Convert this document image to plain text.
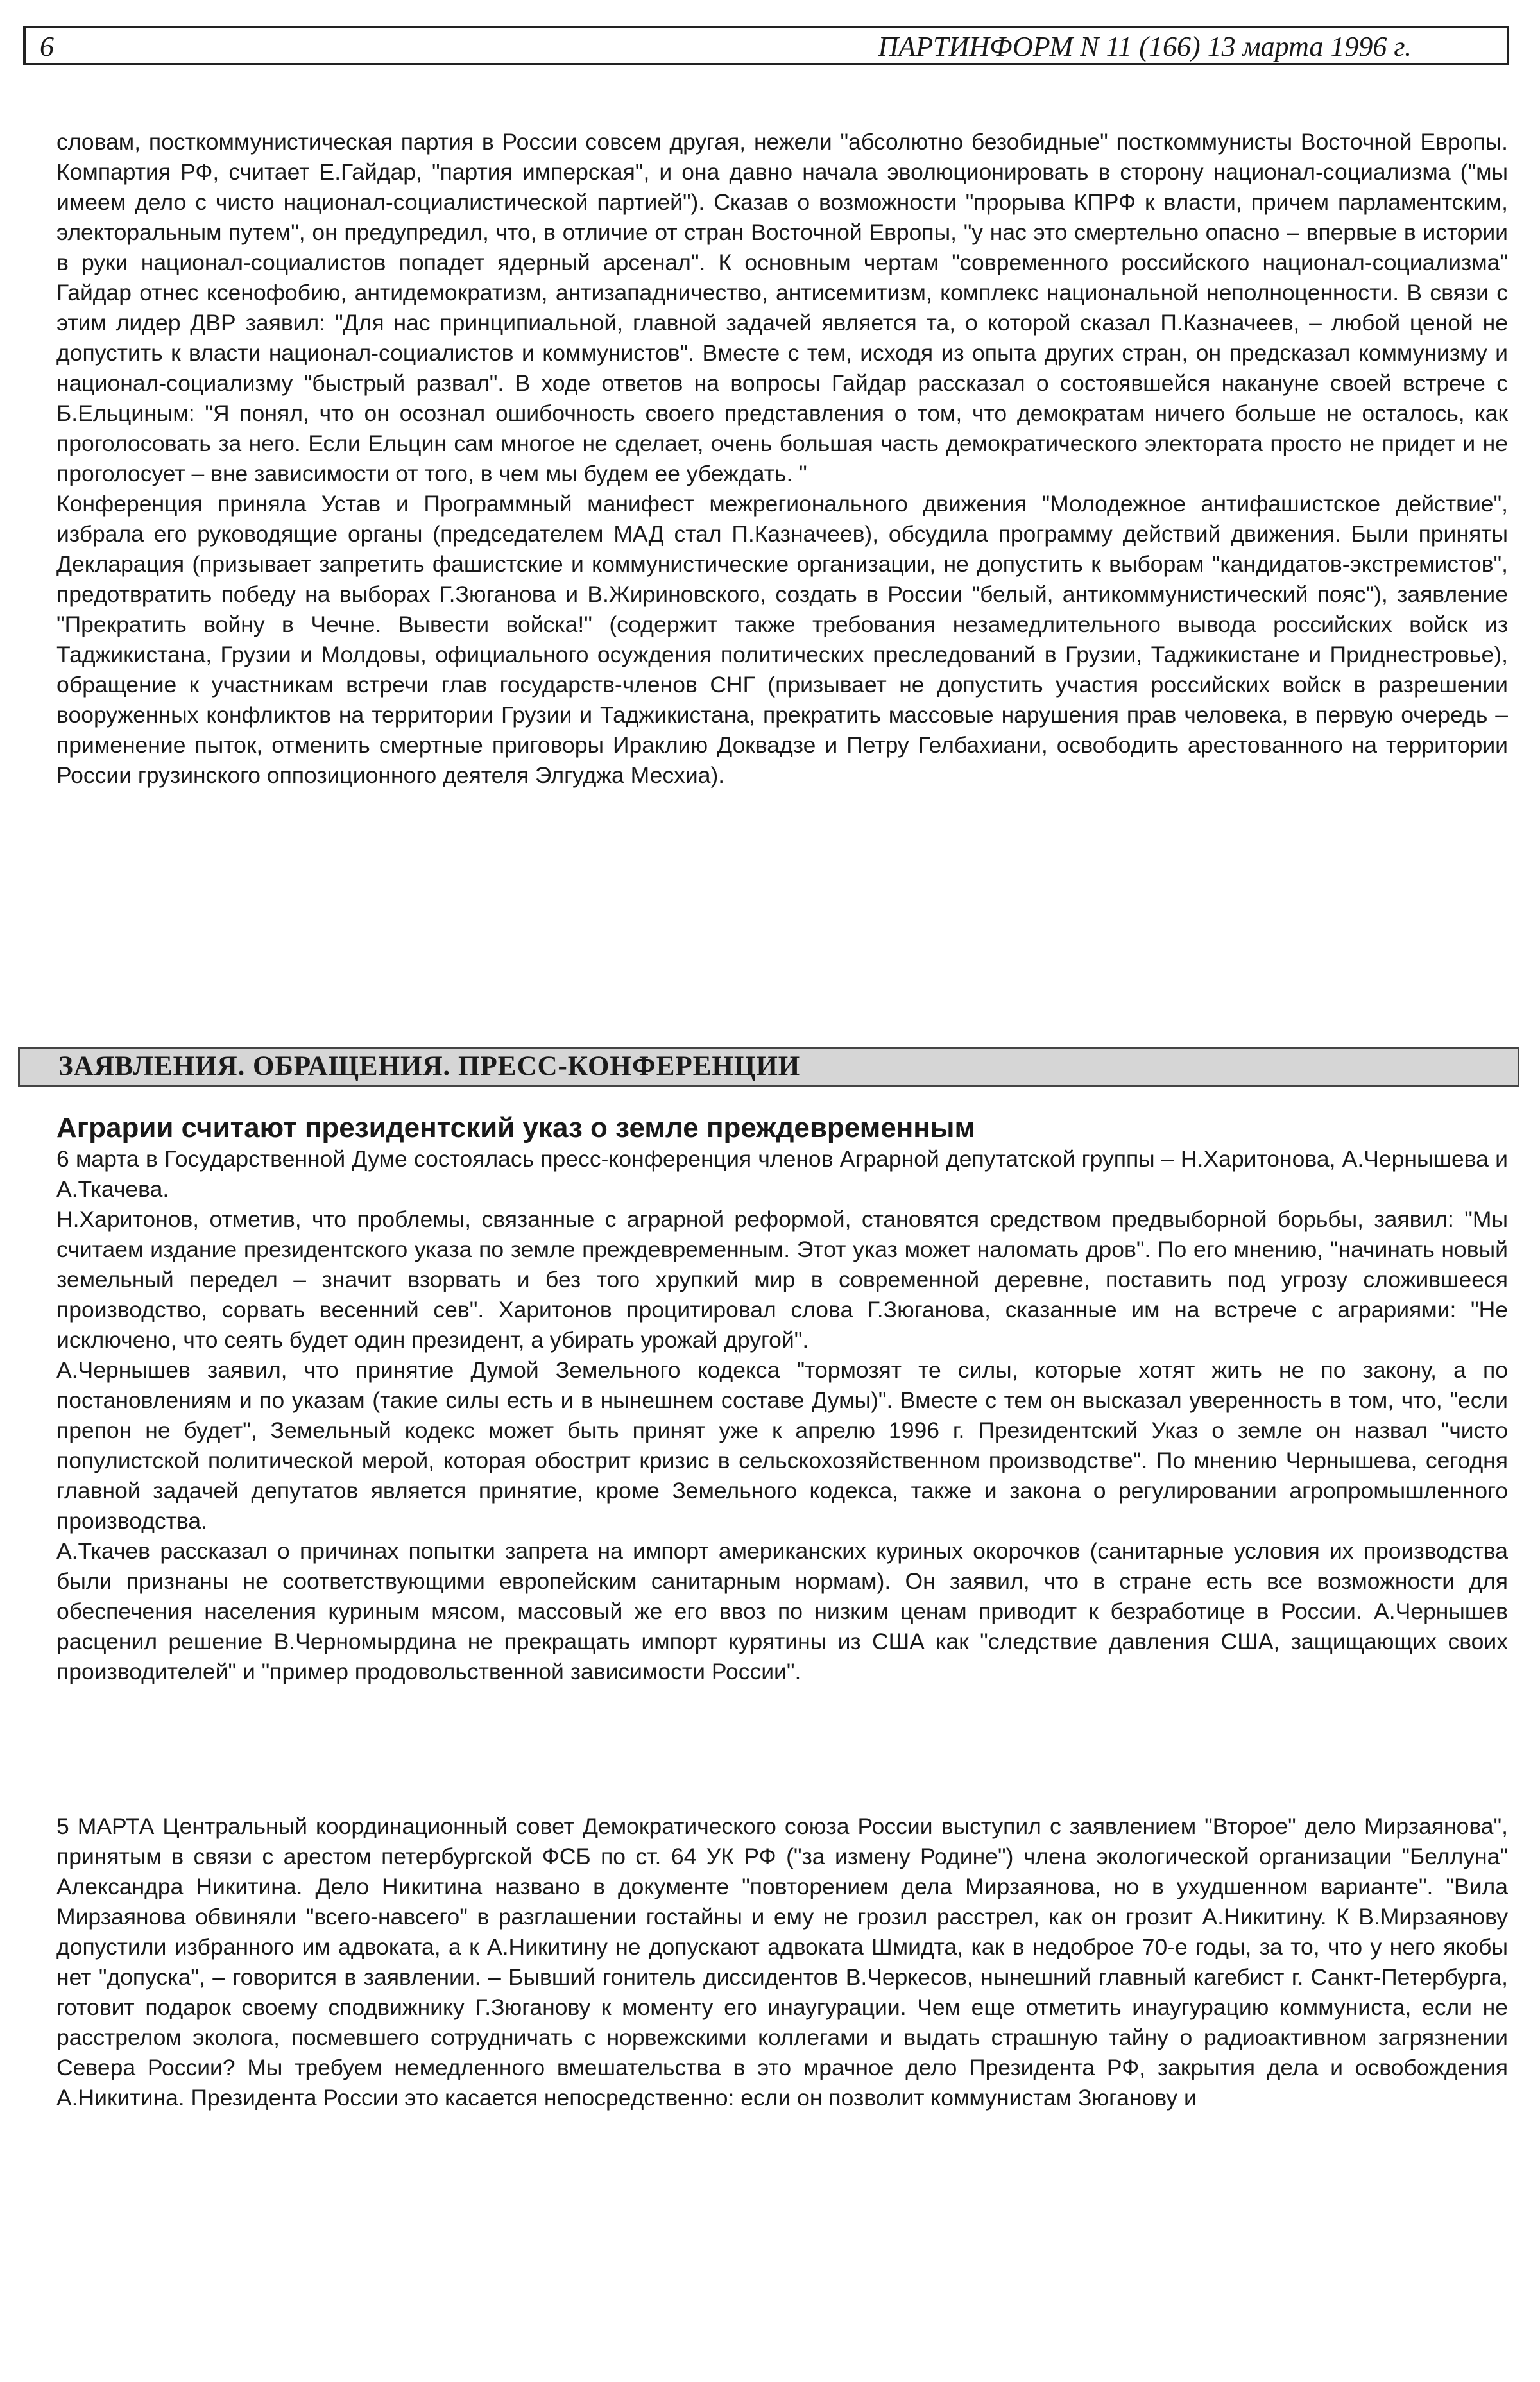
6	ПАРТИНФОРМ N 11 (166) 13 марта 1996 г.

словам, посткоммунистическая партия в России совсем другая, нежели "абсолютно безобидные" посткоммунисты Восточной Европы. Компартия РФ, считает Е.Гайдар, "партия имперская", и она давно начала эволюционировать в сторону национал-социализма ("мы имеем дело с чисто национал-социалистической партией"). Сказав о возможности "прорыва КПРФ к власти, причем парламентским, электоральным путем", он предупредил, что, в отличие от стран Восточной Европы, "у нас это смертельно опасно – впервые в истории в руки национал-социалистов попадет ядерный арсенал". К основным чертам "современного российского национал-социализма" Гайдар отнес ксенофобию, антидемократизм, антизападничество, антисемитизм, комплекс национальной неполноценности. В связи с этим лидер ДВР заявил: "Для нас принципиальной, главной задачей является та, о которой сказал П.Казначеев, – любой ценой не допустить к власти национал-социалистов и коммунистов". Вместе с тем, исходя из опыта других стран, он предсказал коммунизму и национал-социализму "быстрый развал". В ходе ответов на вопросы Гайдар рассказал о состоявшейся накануне своей встрече с Б.Ельциным: "Я понял, что он осознал ошибочность своего представления о том, что демократам ничего больше не осталось, как проголосовать за него. Если Ельцин сам многое не сделает, очень большая часть демократического электората просто не придет и не проголосует – вне зависимости от того, в чем мы будем ее убеждать. "

Конференция приняла Устав и Программный манифест межрегионального движения "Молодежное антифашистское действие", избрала его руководящие органы (председателем МАД стал П.Казначеев), обсудила программу действий движения. Были приняты Декларация (призывает запретить фашистские и коммунистические организации, не допустить к выборам "кандидатов-экстремистов", предотвратить победу на выборах Г.Зюганова и В.Жириновского, создать в России "белый, антикоммунистический пояс"), заявление "Прекратить войну в Чечне. Вывести войска!" (содержит также требования незамедлительного вывода российских войск из Таджикистана, Грузии и Молдовы, официального осуждения политических преследований в Грузии, Таджикистане и Приднестровье), обращение к участникам встречи глав государств-членов СНГ (призывает не допустить участия российских войск в разрешении вооруженных конфликтов на территории Грузии и Таджикистана, прекратить массовые нарушения прав человека, в первую очередь – применение пыток, отменить смертные приговоры Ираклию Доквадзе и Петру Гелбахиани, освободить арестованного на территории России грузинского оппозиционного деятеля Элгуджа Месхиа).

ЗАЯВЛЕНИЯ. ОБРАЩЕНИЯ. ПРЕСС-КОНФЕРЕНЦИИ
Аграрии считают президентский указ о земле преждевременным

6 марта в Государственной Думе состоялась пресс-конференция членов Аграрной депутатской группы – Н.Харитонова, А.Чернышева и А.Ткачева.

Н.Харитонов, отметив, что проблемы, связанные с аграрной реформой, становятся средством предвыборной борьбы, заявил: "Мы считаем издание президентского указа по земле преждевременным. Этот указ может наломать дров". По его мнению, "начинать новый земельный передел – значит взорвать и без того хрупкий мир в современной деревне, поставить под угрозу сложившееся производство, сорвать весенний сев". Харитонов процитировал слова Г.Зюганова, сказанные им на встрече с аграриями: "Не исключено, что сеять будет один президент, а убирать урожай другой".

А.Чернышев заявил, что принятие Думой Земельного кодекса "тормозят те силы, которые хотят жить не по закону, а по постановлениям и по указам (такие силы есть и в нынешнем составе Думы)". Вместе с тем он высказал уверенность в том, что, "если препон не будет", Земельный кодекс может быть принят уже к апрелю 1996 г. Президентский Указ о земле он назвал "чисто популистской политической мерой, которая обострит кризис в сельскохозяйственном производстве". По мнению Чернышева, сегодня главной задачей депутатов является принятие, кроме Земельного кодекса, также и закона о регулировании агропромышленного производства.

А.Ткачев рассказал о причинах попытки запрета на импорт американских куриных окорочков (санитарные условия их производства были признаны не соответствующими европейским санитарным нормам). Он заявил, что в стране есть все возможности для обеспечения населения куриным мясом, массовый же его ввоз по низким ценам приводит к безработице в России. А.Чернышев расценил решение В.Черномырдина не прекращать импорт курятины из США как "следствие давления США, защищающих своих производителей" и "пример продовольственной зависимости России".

5 МАРТА Центральный координационный совет Демократического союза России выступил с заявлением "Второе" дело Мирзаянова", принятым в связи с арестом петербургской ФСБ по ст. 64 УК РФ ("за измену Родине") члена экологической организации "Беллуна" Александра Никитина. Дело Никитина названо в документе "повторением дела Мирзаянова, но в ухудшенном варианте". "Вила Мирзаянова обвиняли "всего-навсего" в разглашении гостайны и ему не грозил расстрел, как он грозит А.Никитину. К В.Мирзаянову допустили избранного им адвоката, а к А.Никитину не допускают адвоката Шмидта, как в недоброе 70-е годы, за то, что у него якобы нет "допуска", – говорится в заявлении. – Бывший гонитель диссидентов В.Черкесов, нынешний главный кагебист г. Санкт-Петербурга, готовит подарок своему сподвижнику Г.Зюганову к моменту его инаугурации. Чем еще отметить инаугурацию коммуниста, если не расстрелом эколога, посмевшего сотрудничать с норвежскими коллегами и выдать страшную тайну о радиоактивном загрязнении Севера России? Мы требуем немедленного вмешательства в это мрачное дело Президента РФ, закрытия дела и освобождения А.Никитина. Президента России это касается непосредственно: если он позволит коммунистам Зюганову и
